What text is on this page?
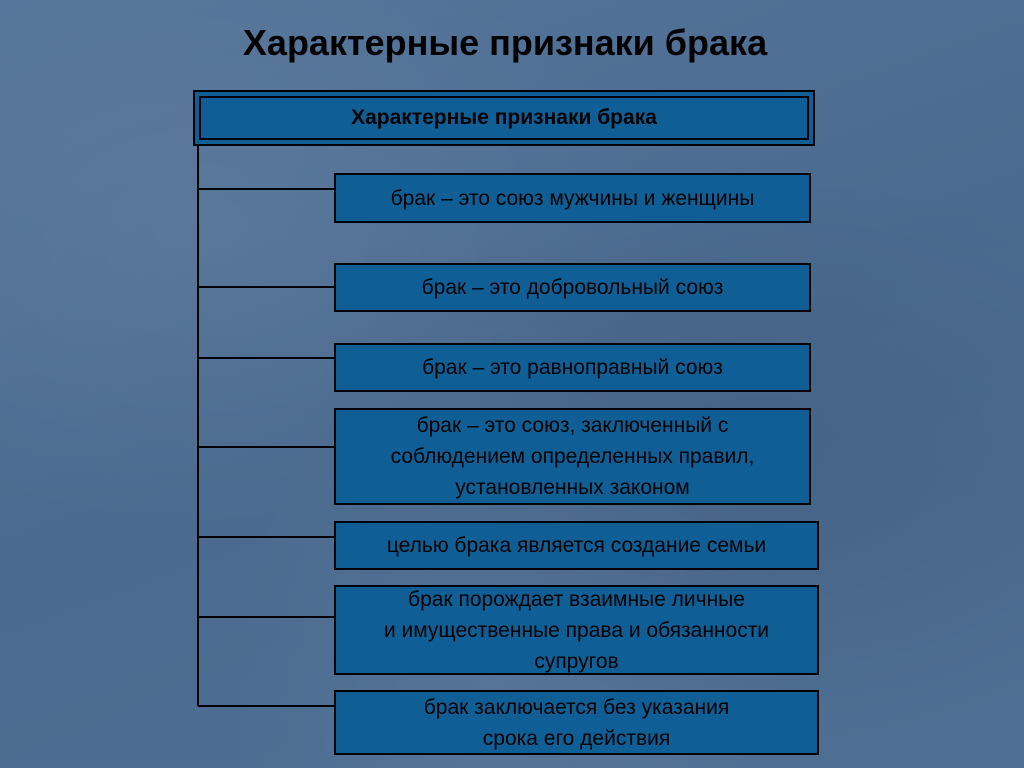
Характерные признаки брака
Характерные признаки брака
брак – это союз мужчины и женщины
брак – это добровольный союз
брак – это равноправный союз
брак – это союз, заключенный с
соблюдением определенных правил,
установленных законом
целью брака является создание семьи
брак порождает взаимные личные
и имущественные права и обязанности
супругов
брак заключается без указания
срока его действия
